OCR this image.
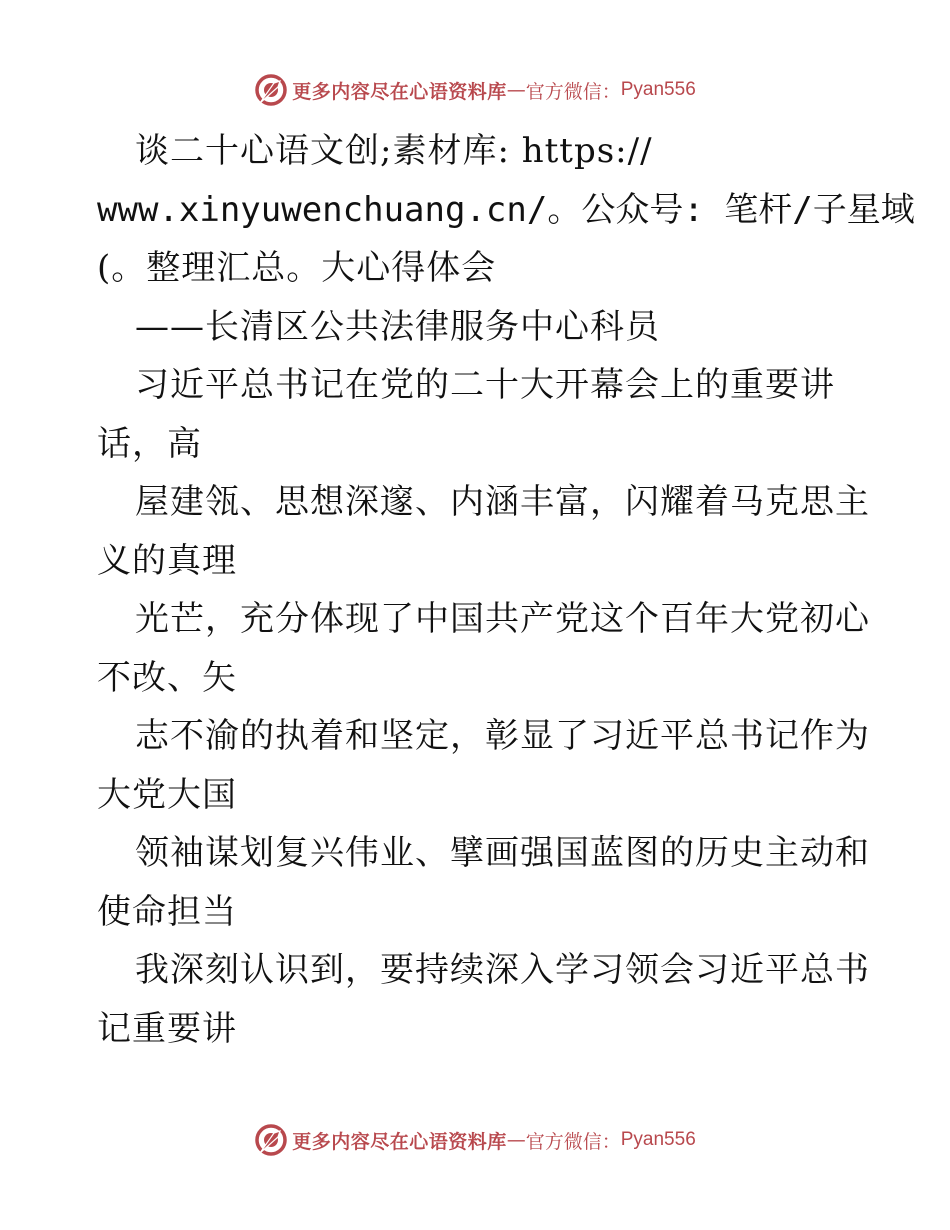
更多内容尽在心语资料库 — 官方微信： Pyan556
谈二十心语文创;素材库: https://
www.xinyuwenchuang.cn/。公众号: 笔杆/子星域
(。整理汇总。大心得体会
——长清区公共法律服务中心科员
习近平总书记在党的二十大开幕会上的重要讲
话，高
屋建瓴、思想深邃、内涵丰富，闪耀着马克思主
义的真理
光芒，充分体现了中国共产党这个百年大党初心
不改、矢
志不渝的执着和坚定，彰显了习近平总书记作为
大党大国
领袖谋划复兴伟业、擘画强国蓝图的历史主动和
使命担当
我深刻认识到，要持续深入学习领会习近平总书
记重要讲
更多内容尽在心语资料库 — 官方微信： Pyan556
